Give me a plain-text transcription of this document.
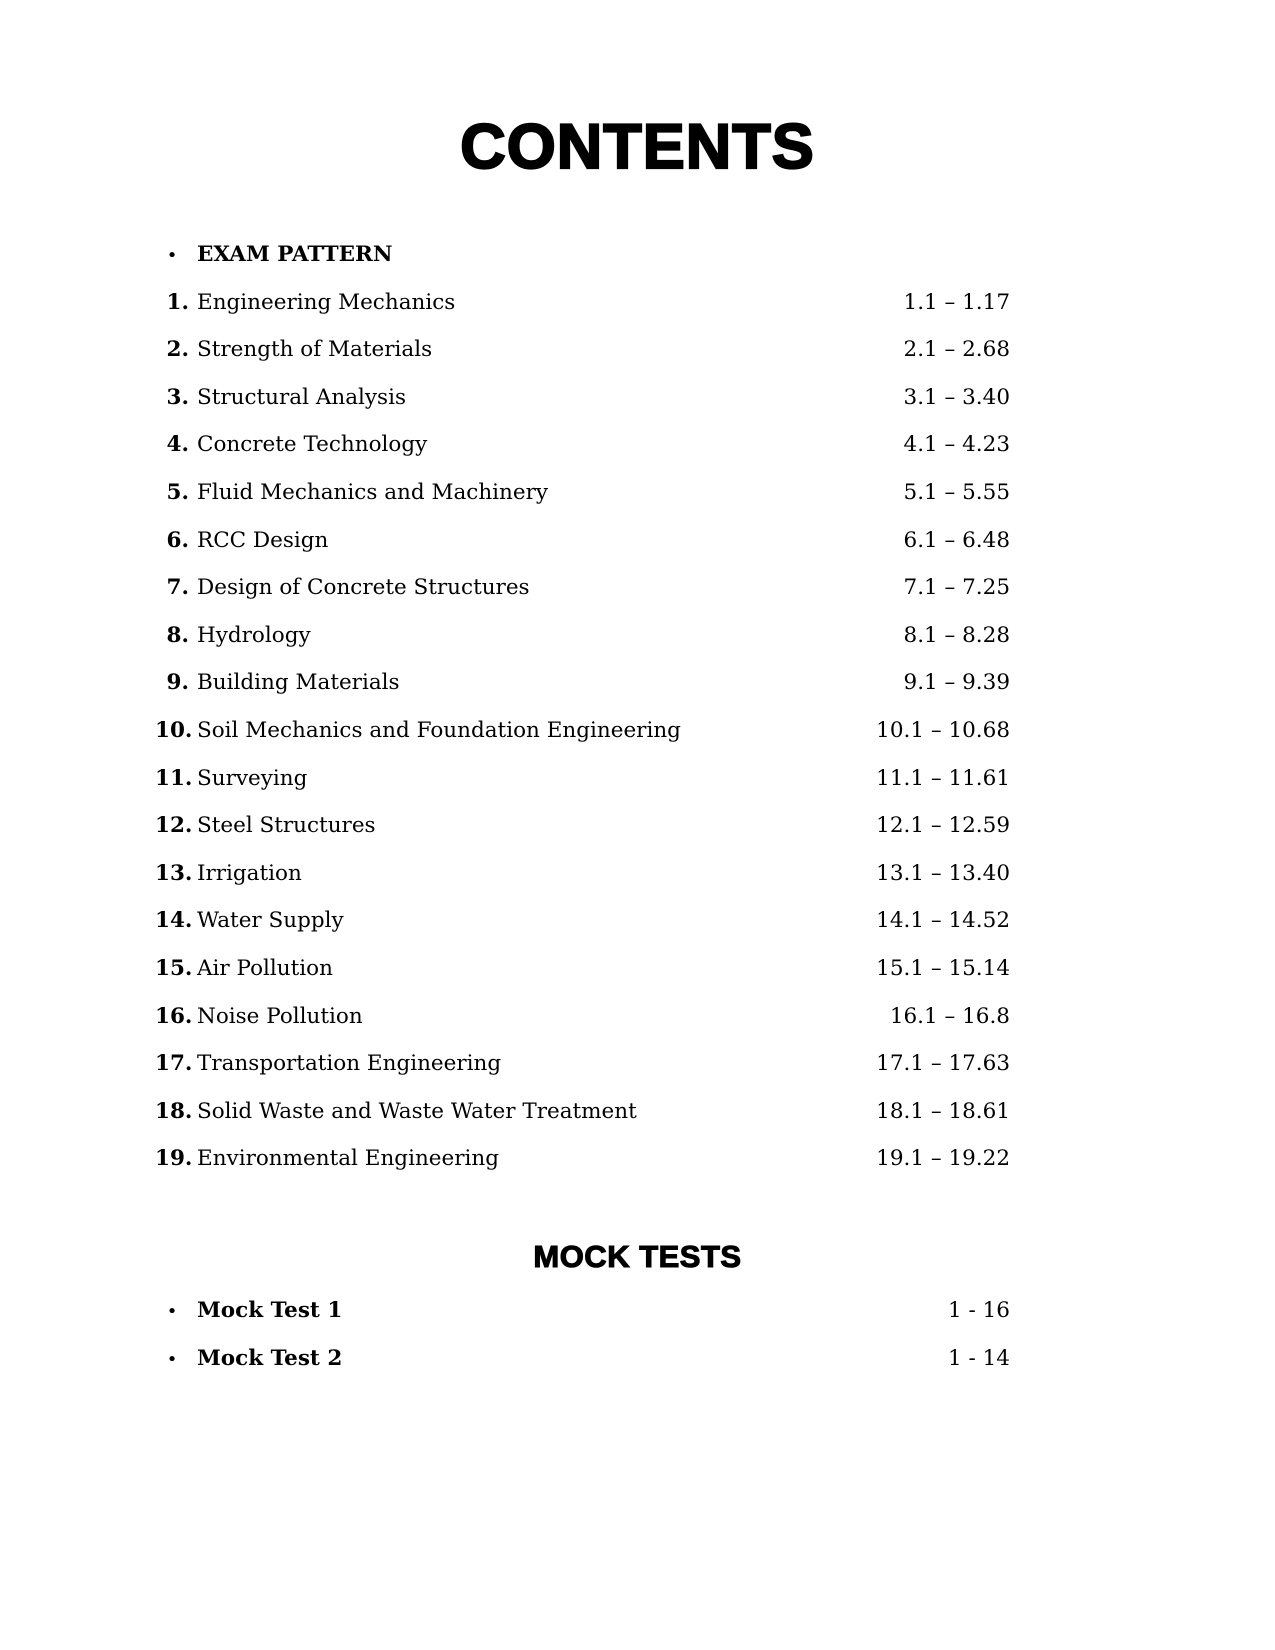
CONTENTS
• EXAM PATTERN
1. Engineering Mechanics	1.1 – 1.17
2. Strength of Materials	2.1 – 2.68
3. Structural Analysis	3.1 – 3.40
4. Concrete Technology	4.1 – 4.23
5. Fluid Mechanics and Machinery	5.1 – 5.55
6. RCC Design	6.1 – 6.48
7. Design of Concrete Structures	7.1 – 7.25
8. Hydrology	8.1 – 8.28
9. Building Materials	9.1 – 9.39
10. Soil Mechanics and Foundation Engineering	10.1 – 10.68
11. Surveying	11.1 – 11.61
12. Steel Structures	12.1 – 12.59
13. Irrigation	13.1 – 13.40
14. Water Supply	14.1 – 14.52
15. Air Pollution	15.1 – 15.14
16. Noise Pollution	16.1 – 16.8
17. Transportation Engineering	17.1 – 17.63
18. Solid Waste and Waste Water Treatment	18.1 – 18.61
19. Environmental Engineering	19.1 – 19.22
MOCK TESTS
• Mock Test 1	1 - 16
• Mock Test 2	1 - 14
